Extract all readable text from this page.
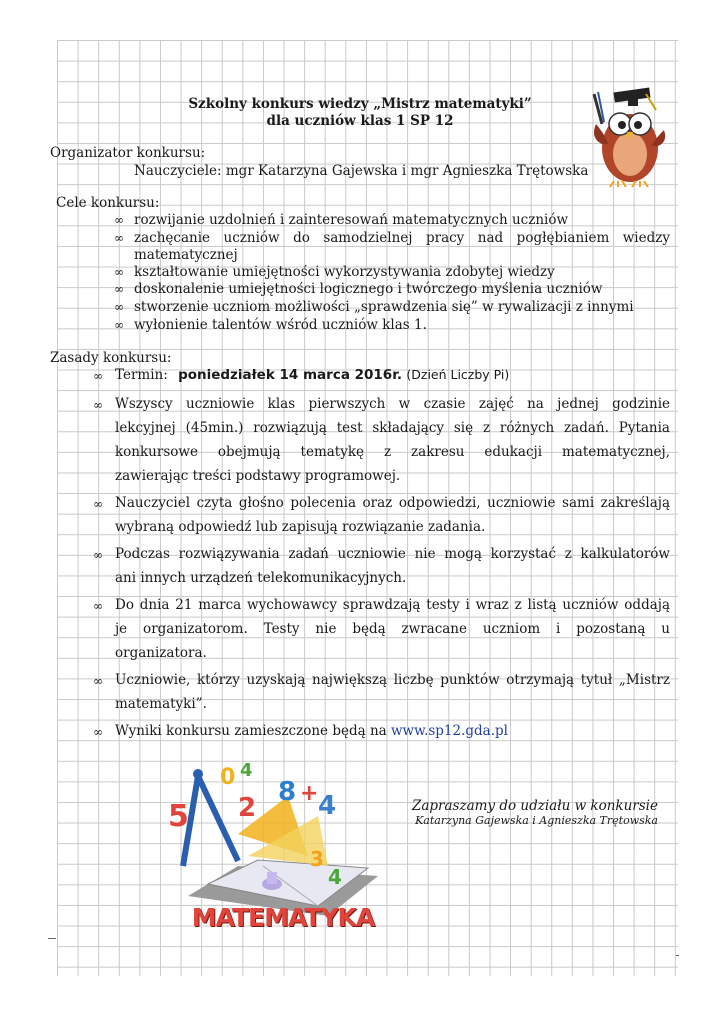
Szkolny konkurs wiedzy „Mistrz matematyki”
dla uczniów klas 1 SP 12
Organizator konkursu:
Nauczyciele: mgr Katarzyna Gajewska i mgr Agnieszka Trętowska
Cele konkursu:
∞ rozwijanie uzdolnień i zainteresowań matematycznych uczniów
∞ zachęcanie uczniów do samodzielnej pracy nad pogłębianiem wiedzy
matematycznej
∞ kształtowanie umiejętności wykorzystywania zdobytej wiedzy
∞ doskonalenie umiejętności logicznego i twórczego myślenia uczniów
∞ stworzenie uczniom możliwości „sprawdzenia się” w rywalizacji z innymi
∞ wyłonienie talentów wśród uczniów klas 1.
Zasady konkursu:
∞ Termin: poniedziałek 14 marca 2016r. (Dzień Liczby Pi)
∞ Wszyscy uczniowie klas pierwszych w czasie zajęć na jednej godzinie
lekcyjnej (45min.) rozwiązują test składający się z różnych zadań. Pytania
konkursowe obejmują tematykę z zakresu edukacji matematycznej,
zawierając treści podstawy programowej.
∞ Nauczyciel czyta głośno polecenia oraz odpowiedzi, uczniowie sami zakreślają
wybraną odpowiedź lub zapisują rozwiązanie zadania.
∞ Podczas rozwiązywania zadań uczniowie nie mogą korzystać z kalkulatorów
ani innych urządzeń telekomunikacyjnych.
∞ Do dnia 21 marca wychowawcy sprawdzają testy i wraz z listą uczniów oddają
je organizatorom. Testy nie będą zwracane uczniom i pozostaną u
organizatora.
∞ Uczniowie, którzy uzyskają największą liczbę punktów otrzymają tytuł „Mistrz
matematyki”.
∞ Wyniki konkursu zamieszczone będą na www.sp12.gda.pl
5 2
0 4
8 + 4
3
4
MATEMATYKA
Zapraszamy do udziału w konkursie
Katarzyna Gajewska i Agnieszka Trętowska
